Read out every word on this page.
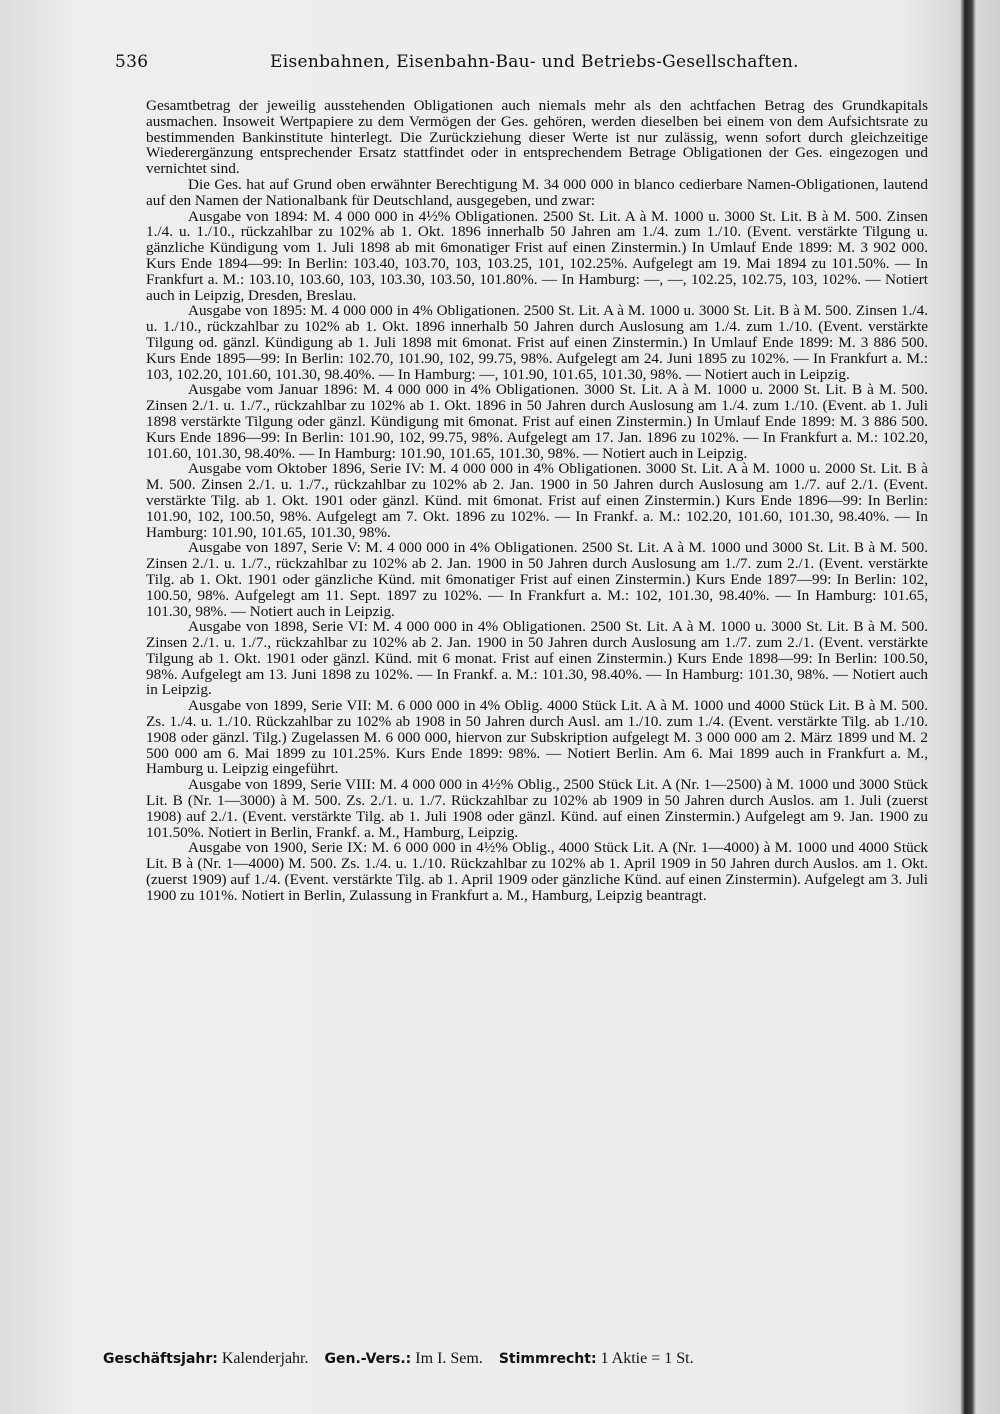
536	Eisenbahnen, Eisenbahn-Bau- und Betriebs-Gesellschaften.

Gesamtbetrag der jeweilig ausstehenden Obligationen auch niemals mehr als den achtfachen Betrag des Grundkapitals ausmachen. Insoweit Wertpapiere zu dem Vermögen der Ges. gehören, werden dieselben bei einem von dem Aufsichtsrate zu bestimmenden Bankinstitute hinterlegt. Die Zurückziehung dieser Werte ist nur zulässig, wenn sofort durch gleichzeitige Wiederergänzung entsprechender Ersatz stattfindet oder in entsprechendem Betrage Obligationen der Ges. eingezogen und vernichtet sind.

Die Ges. hat auf Grund oben erwähnter Berechtigung M. 34 000 000 in blanco cedierbare Namen-Obligationen, lautend auf den Namen der Nationalbank für Deutschland, ausgegeben, und zwar:

Ausgabe von 1894: M. 4 000 000 in 4½% Obligationen. 2500 St. Lit. A à M. 1000 u. 3000 St. Lit. B à M. 500. Zinsen 1./4. u. 1./10., rückzahlbar zu 102% ab 1. Okt. 1896 innerhalb 50 Jahren am 1./4. zum 1./10. (Event. verstärkte Tilgung u. gänzliche Kündigung vom 1. Juli 1898 ab mit 6monatiger Frist auf einen Zinstermin.) In Umlauf Ende 1899: M. 3 902 000. Kurs Ende 1894—99: In Berlin: 103.40, 103.70, 103, 103.25, 101, 102.25%. Aufgelegt am 19. Mai 1894 zu 101.50%. — In Frankfurt a. M.: 103.10, 103.60, 103, 103.30, 103.50, 101.80%. — In Hamburg: —, —, 102.25, 102.75, 103, 102%. — Notiert auch in Leipzig, Dresden, Breslau.

Ausgabe von 1895: M. 4 000 000 in 4% Obligationen. 2500 St. Lit. A à M. 1000 u. 3000 St. Lit. B à M. 500. Zinsen 1./4. u. 1./10., rückzahlbar zu 102% ab 1. Okt. 1896 innerhalb 50 Jahren durch Auslosung am 1./4. zum 1./10. (Event. verstärkte Tilgung od. gänzl. Kündigung ab 1. Juli 1898 mit 6monat. Frist auf einen Zinstermin.) In Umlauf Ende 1899: M. 3 886 500. Kurs Ende 1895—99: In Berlin: 102.70, 101.90, 102, 99.75, 98%. Aufgelegt am 24. Juni 1895 zu 102%. — In Frankfurt a. M.: 103, 102.20, 101.60, 101.30, 98.40%. — In Hamburg: —, 101.90, 101.65, 101.30, 98%. — Notiert auch in Leipzig.

Ausgabe vom Januar 1896: M. 4 000 000 in 4% Obligationen. 3000 St. Lit. A à M. 1000 u. 2000 St. Lit. B à M. 500. Zinsen 2./1. u. 1./7., rückzahlbar zu 102% ab 1. Okt. 1896 in 50 Jahren durch Auslosung am 1./4. zum 1./10. (Event. ab 1. Juli 1898 verstärkte Tilgung oder gänzl. Kündigung mit 6monat. Frist auf einen Zinstermin.) In Umlauf Ende 1899: M. 3 886 500. Kurs Ende 1896—99: In Berlin: 101.90, 102, 99.75, 98%. Aufgelegt am 17. Jan. 1896 zu 102%. — In Frankfurt a. M.: 102.20, 101.60, 101.30, 98.40%. — In Hamburg: 101.90, 101.65, 101.30, 98%. — Notiert auch in Leipzig.

Ausgabe vom Oktober 1896, Serie IV: M. 4 000 000 in 4% Obligationen. 3000 St. Lit. A à M. 1000 u. 2000 St. Lit. B à M. 500. Zinsen 2./1. u. 1./7., rückzahlbar zu 102% ab 2. Jan. 1900 in 50 Jahren durch Auslosung am 1./7. auf 2./1. (Event. verstärkte Tilg. ab 1. Okt. 1901 oder gänzl. Künd. mit 6monat. Frist auf einen Zinstermin.) Kurs Ende 1896—99: In Berlin: 101.90, 102, 100.50, 98%. Aufgelegt am 7. Okt. 1896 zu 102%. — In Frankf. a. M.: 102.20, 101.60, 101.30, 98.40%. — In Hamburg: 101.90, 101.65, 101.30, 98%.

Ausgabe von 1897, Serie V: M. 4 000 000 in 4% Obligationen. 2500 St. Lit. A à M. 1000 und 3000 St. Lit. B à M. 500. Zinsen 2./1. u. 1./7., rückzahlbar zu 102% ab 2. Jan. 1900 in 50 Jahren durch Auslosung am 1./7. zum 2./1. (Event. verstärkte Tilg. ab 1. Okt. 1901 oder gänzliche Künd. mit 6monatiger Frist auf einen Zinstermin.) Kurs Ende 1897—99: In Berlin: 102, 100.50, 98%. Aufgelegt am 11. Sept. 1897 zu 102%. — In Frankfurt a. M.: 102, 101.30, 98.40%. — In Hamburg: 101.65, 101.30, 98%. — Notiert auch in Leipzig.

Ausgabe von 1898, Serie VI: M. 4 000 000 in 4% Obligationen. 2500 St. Lit. A à M. 1000 u. 3000 St. Lit. B à M. 500. Zinsen 2./1. u. 1./7., rückzahlbar zu 102% ab 2. Jan. 1900 in 50 Jahren durch Auslosung am 1./7. zum 2./1. (Event. verstärkte Tilgung ab 1. Okt. 1901 oder gänzl. Künd. mit 6 monat. Frist auf einen Zinstermin.) Kurs Ende 1898—99: In Berlin: 100.50, 98%. Aufgelegt am 13. Juni 1898 zu 102%. — In Frankf. a. M.: 101.30, 98.40%. — In Hamburg: 101.30, 98%. — Notiert auch in Leipzig.

Ausgabe von 1899, Serie VII: M. 6 000 000 in 4% Oblig. 4000 Stück Lit. A à M. 1000 und 4000 Stück Lit. B à M. 500. Zs. 1./4. u. 1./10. Rückzahlbar zu 102% ab 1908 in 50 Jahren durch Ausl. am 1./10. zum 1./4. (Event. verstärkte Tilg. ab 1./10. 1908 oder gänzl. Tilg.) Zugelassen M. 6 000 000, hiervon zur Subskription aufgelegt M. 3 000 000 am 2. März 1899 und M. 2 500 000 am 6. Mai 1899 zu 101.25%. Kurs Ende 1899: 98%. — Notiert Berlin. Am 6. Mai 1899 auch in Frankfurt a. M., Hamburg u. Leipzig eingeführt.

Ausgabe von 1899, Serie VIII: M. 4 000 000 in 4½% Oblig., 2500 Stück Lit. A (Nr. 1—2500) à M. 1000 und 3000 Stück Lit. B (Nr. 1—3000) à M. 500. Zs. 2./1. u. 1./7. Rückzahlbar zu 102% ab 1909 in 50 Jahren durch Auslos. am 1. Juli (zuerst 1908) auf 2./1. (Event. verstärkte Tilg. ab 1. Juli 1908 oder gänzl. Künd. auf einen Zinstermin.) Aufgelegt am 9. Jan. 1900 zu 101.50%. Notiert in Berlin, Frankf. a. M., Hamburg, Leipzig.

Ausgabe von 1900, Serie IX: M. 6 000 000 in 4½% Oblig., 4000 Stück Lit. A (Nr. 1—4000) à M. 1000 und 4000 Stück Lit. B à (Nr. 1—4000) M. 500. Zs. 1./4. u. 1./10. Rückzahlbar zu 102% ab 1. April 1909 in 50 Jahren durch Auslos. am 1. Okt. (zuerst 1909) auf 1./4. (Event. verstärkte Tilg. ab 1. April 1909 oder gänzliche Künd. auf einen Zinstermin). Aufgelegt am 3. Juli 1900 zu 101%. Notiert in Berlin, Zulassung in Frankfurt a. M., Hamburg, Leipzig beantragt.

Geschäftsjahr: Kalenderjahr. Gen.-Vers.: Im I. Sem. Stimmrecht: 1 Aktie = 1 St.
